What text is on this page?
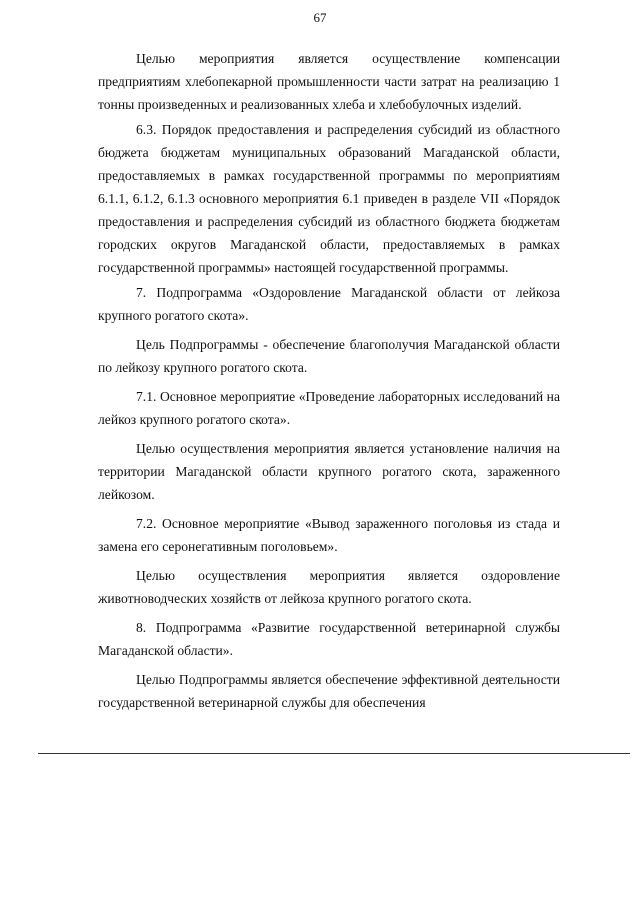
67

Целью мероприятия является осуществление компенсации предприятиям хлебопекарной промышленности части затрат на реализацию 1 тонны произведенных и реализованных хлеба и хлебобулочных изделий.

6.3. Порядок предоставления и распределения субсидий из областного бюджета бюджетам муниципальных образований Магаданской области, предоставляемых в рамках государственной программы по мероприятиям 6.1.1, 6.1.2, 6.1.3 основного мероприятия 6.1 приведен в разделе VII «Порядок предоставления и распределения субсидий из областного бюджета бюджетам городских округов Магаданской области, предоставляемых в рамках государственной программы» настоящей государственной программы.

7. Подпрограмма «Оздоровление Магаданской области от лейкоза крупного рогатого скота».

Цель Подпрограммы - обеспечение благополучия Магаданской области по лейкозу крупного рогатого скота.

7.1. Основное мероприятие «Проведение лабораторных исследований на лейкоз крупного рогатого скота».

Целью осуществления мероприятия является установление наличия на территории Магаданской области крупного рогатого скота, зараженного лейкозом.

7.2. Основное мероприятие «Вывод зараженного поголовья из стада и замена его серонегативным поголовьем».

Целью осуществления мероприятия является оздоровление животноводческих хозяйств от лейкоза крупного рогатого скота.

8. Подпрограмма «Развитие государственной ветеринарной службы Магаданской области».

Целью Подпрограммы является обеспечение эффективной деятельности государственной ветеринарной службы для обеспечения
